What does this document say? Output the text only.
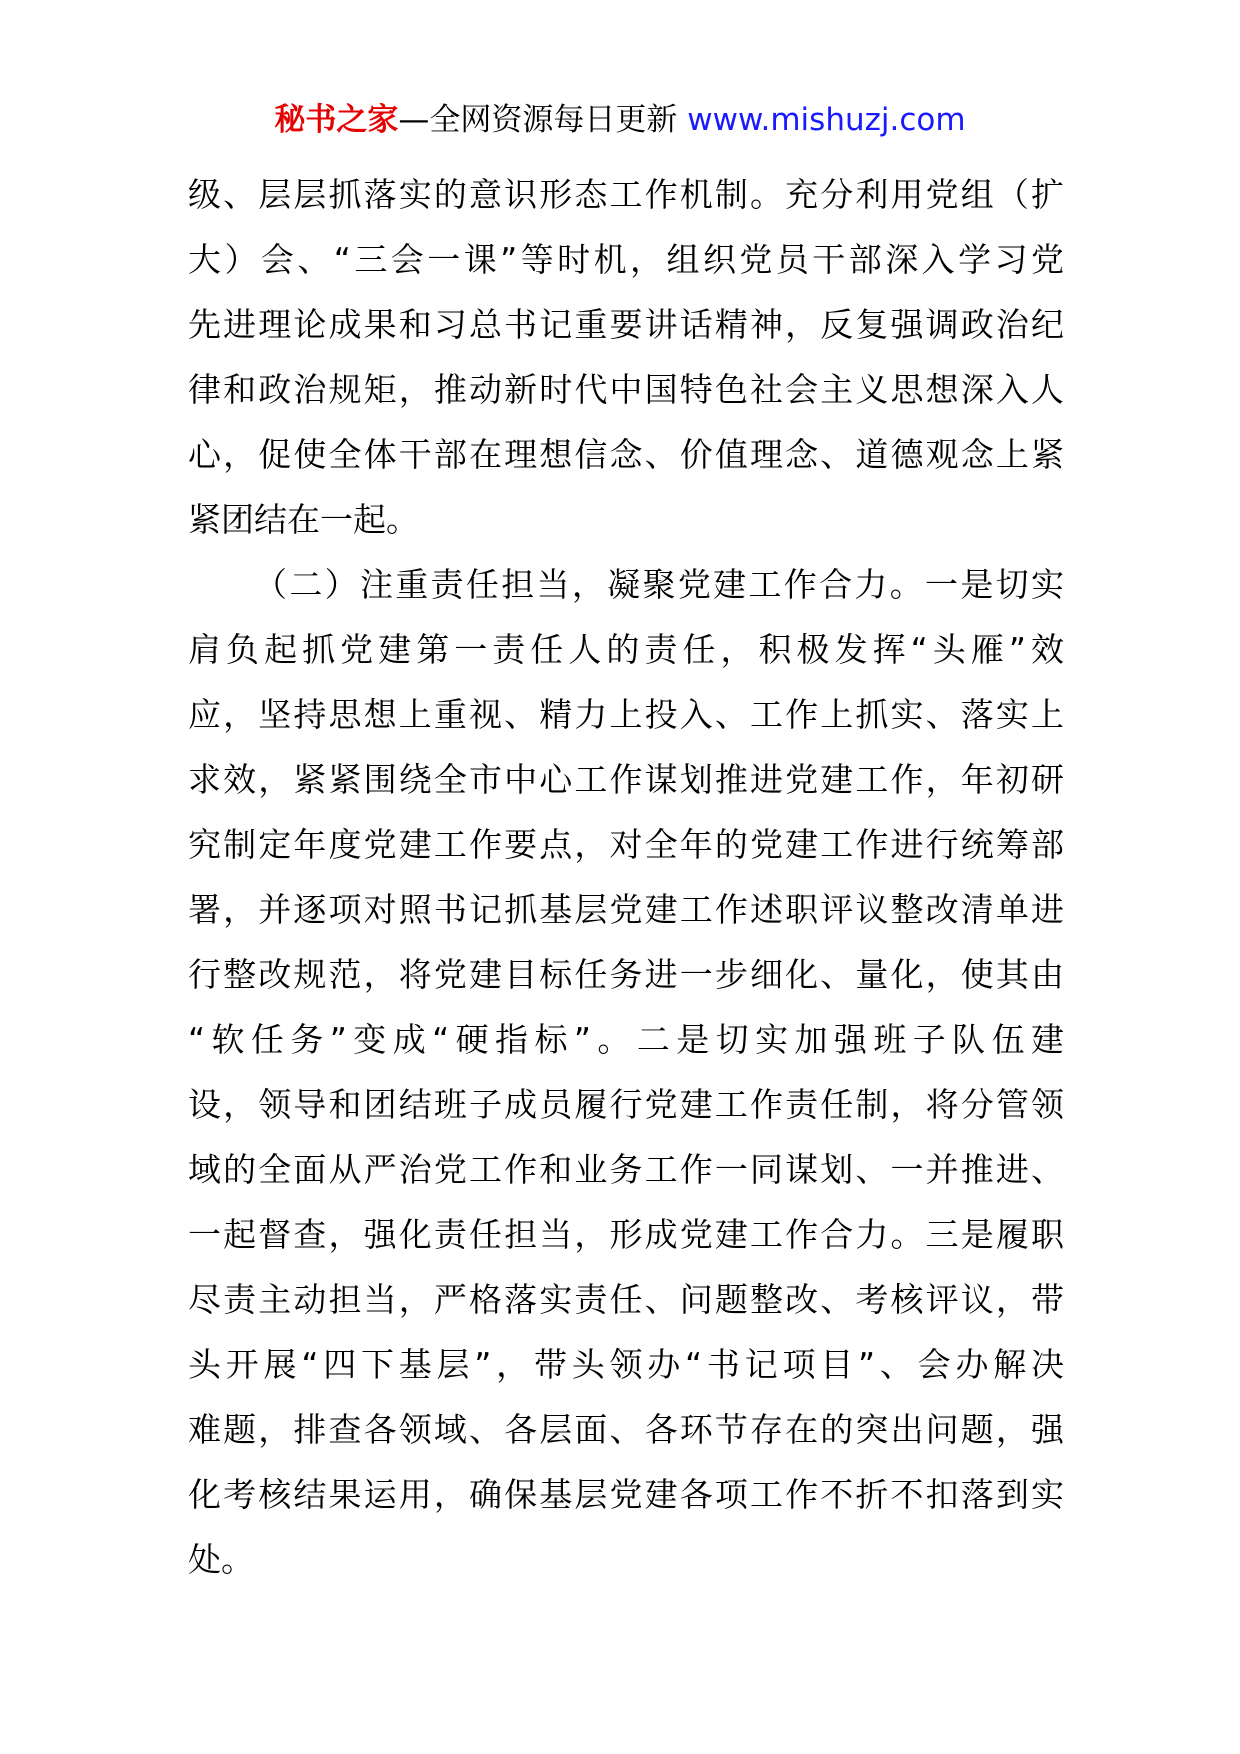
秘书之家—全网资源每日更新 www.mishuzj.com
级、层层抓落实的意识形态工作机制。充分利用党组（扩
大）会、“三会一课”等时机，组织党员干部深入学习党
先进理论成果和习总书记重要讲话精神，反复强调政治纪
律和政治规矩，推动新时代中国特色社会主义思想深入人
心，促使全体干部在理想信念、价值理念、道德观念上紧
紧团结在一起。
（二）注重责任担当，凝聚党建工作合力。一是切实
肩负起抓党建第一责任人的责任，积极发挥“头雁”效
应，坚持思想上重视、精力上投入、工作上抓实、落实上
求效，紧紧围绕全市中心工作谋划推进党建工作，年初研
究制定年度党建工作要点，对全年的党建工作进行统筹部
署，并逐项对照书记抓基层党建工作述职评议整改清单进
行整改规范，将党建目标任务进一步细化、量化，使其由
“软任务”变成“硬指标”。二是切实加强班子队伍建
设，领导和团结班子成员履行党建工作责任制，将分管领
域的全面从严治党工作和业务工作一同谋划、一并推进、
一起督查，强化责任担当，形成党建工作合力。三是履职
尽责主动担当，严格落实责任、问题整改、考核评议，带
头开展“四下基层”，带头领办“书记项目”、会办解决
难题，排查各领域、各层面、各环节存在的突出问题，强
化考核结果运用，确保基层党建各项工作不折不扣落到实
处。
